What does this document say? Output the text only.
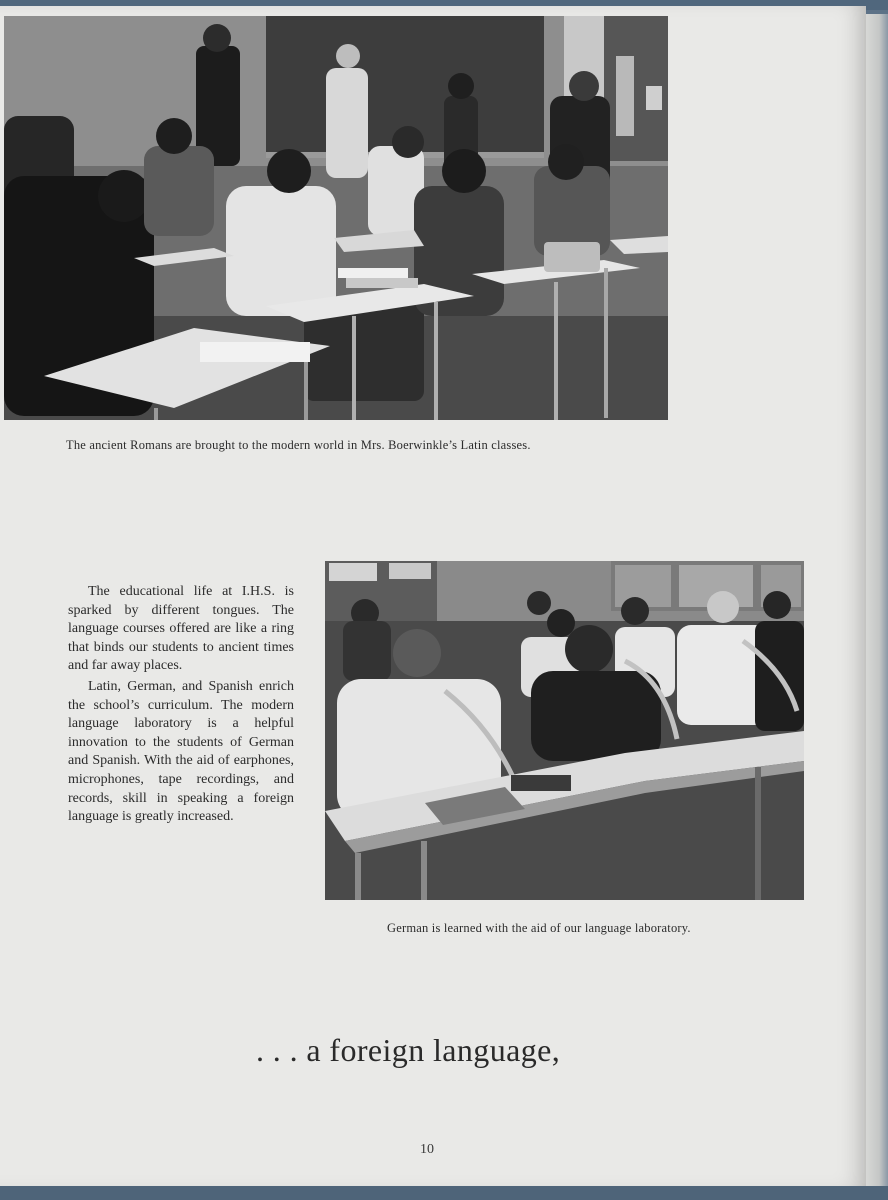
The ancient Romans are brought to the modern world in Mrs. Boerwinkle’s Latin classes.

The educational life at I.H.S. is sparked by different tongues. The language courses offered are like a ring that binds our students to ancient times and far away places.

Latin, German, and Spanish enrich the school’s curriculum. The modern language laboratory is a helpful innovation to the students of German and Spanish. With the aid of earphones, microphones, tape recordings, and records, skill in speaking a foreign language is greatly increased.

German is learned with the aid of our language laboratory.
. . . a foreign language,
10
